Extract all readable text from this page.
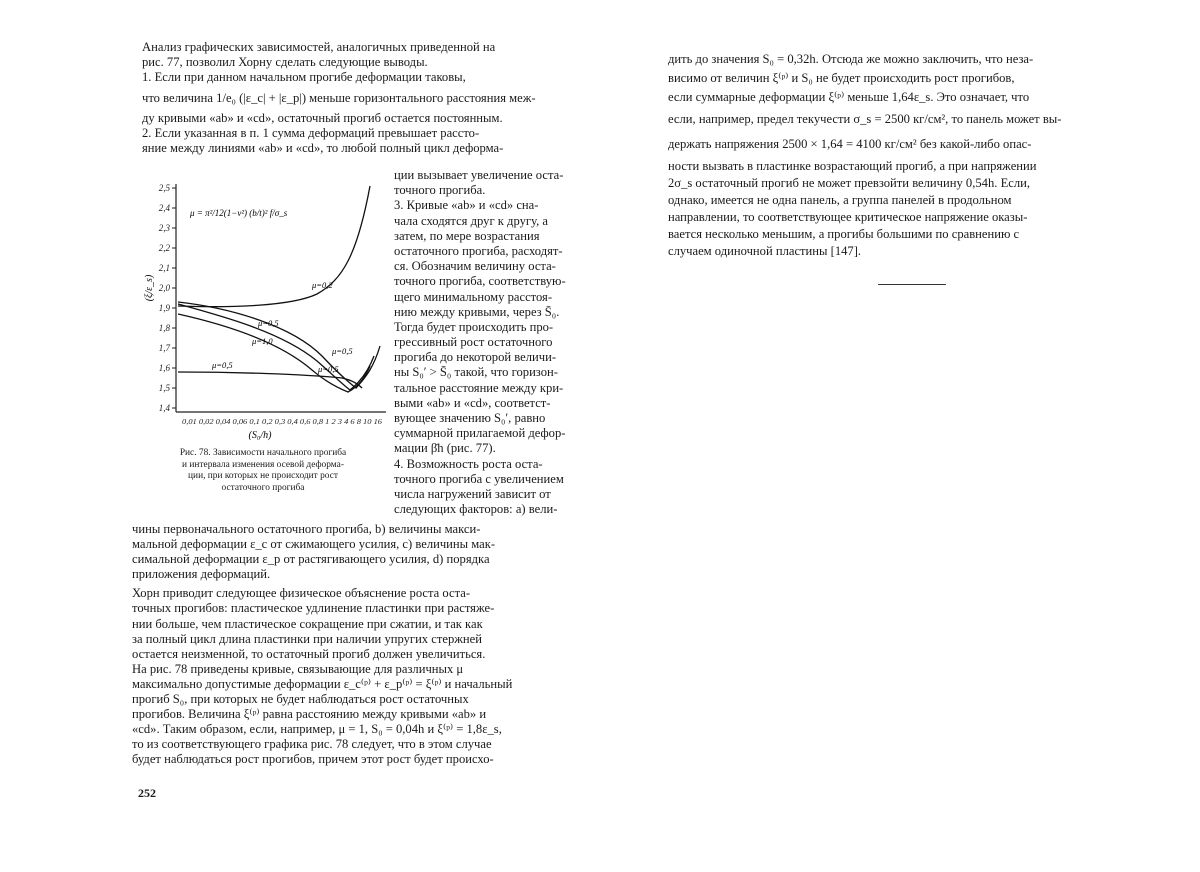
Анализ графических зависимостей, аналогичных приведенной на
рис. 77, позволил Хорну сделать следующие выводы.
1. Если при данном начальном прогибе деформации таковы,
что величина 1/e₀ (|ε_c| + |ε_p|) меньше горизонтального расстояния меж-
ду кривыми «ab» и «cd», остаточный прогиб остается постоянным.
2. Если указанная в п. 1 сумма деформаций превышает рассто-
яние между линиями «ab» и «cd», то любой полный цикл деформа-
2,5
2,4
2,3
2,2
2,1
2,0
1,9
1,8
1,7
1,6
1,5
1,4
(ξ/ε_s)
0,01 0,02 0,04 0,06 0,1 0,2 0,3 0,4 0,6 0,8 1 2 3 4 6 8 10 16
(S₀/h)
μ = π²/12(1−ν²) (b/t)² f/σ_s
μ=0,2
μ=0,5
μ=1,0
μ=0,5	μ=0,5
μ=0,5
Рис. 78. Зависимости начального прогиба
и интервала изменения осевой деформа-
ции, при которых не происходит рост
остаточного прогиба
ции вызывает увеличение оста-
точного прогиба.
3. Кривые «ab» и «cd» сна-
чала сходятся друг к другу, а
затем, по мере возрастания
остаточного прогиба, расходят-
ся. Обозначим величину оста-
точного прогиба, соответствую-
щего минимальному расстоя-
нию между кривыми, через S̄₀.
Тогда будет происходить про-
грессивный рост остаточного
прогиба до некоторой величи-
ны S₀′ > S̄₀ такой, что горизон-
тальное расстояние между кри-
выми «ab» и «cd», соответст-
вующее значению S₀′, равно
суммарной прилагаемой дефор-
мации β̄h (рис. 77).
4. Возможность роста оста-
точного прогиба с увеличением
числа нагружений зависит от
следующих факторов: а) вели-
чины первоначального остаточного прогиба, b) величины макси-
мальной деформации ε_c от сжимающего усилия, c) величины мак-
симальной деформации ε_p от растягивающего усилия, d) порядка
приложения деформаций.
Хорн приводит следующее физическое объяснение роста оста-
точных прогибов: пластическое удлинение пластинки при растяже-
нии больше, чем пластическое сокращение при сжатии, и так как
за полный цикл длина пластинки при наличии упругих стержней
остается неизменной, то остаточный прогиб должен увеличиться.
На рис. 78 приведены кривые, связывающие для различных μ
максимально допустимые деформации ε_c⁽ᵖ⁾ + ε_p⁽ᵖ⁾ = ξ⁽ᵖ⁾ и начальный
прогиб S₀, при которых не будет наблюдаться рост остаточных
прогибов. Величина ξ⁽ᵖ⁾ равна расстоянию между кривыми «ab» и
«cd». Таким образом, если, например, μ = 1, S₀ = 0,04h и ξ⁽ᵖ⁾ = 1,8ε_s,
то из соответствующего графика рис. 78 следует, что в этом случае
будет наблюдаться рост прогибов, причем этот рост будет происхо-
252
дить до значения S₀ = 0,32h. Отсюда же можно заключить, что неза-
висимо от величин ξ⁽ᵖ⁾ и S₀ не будет происходить рост прогибов,
если суммарные деформации ξ⁽ᵖ⁾ меньше 1,64ε_s. Это означает, что
если, например, предел текучести σ_s = 2500 кг/см², то панель может вы-
держать напряжения 2500 × 1,64 = 4100 кг/см² без какой-либо опас-
ности вызвать в пластинке возрастающий прогиб, а при напряжении
2σ_s остаточный прогиб не может превзойти величину 0,54h. Если,
однако, имеется не одна панель, а группа панелей в продольном
направлении, то соответствующее критическое напряжение оказы-
вается несколько меньшим, а прогибы большими по сравнению с
случаем одиночной пластины [147].
